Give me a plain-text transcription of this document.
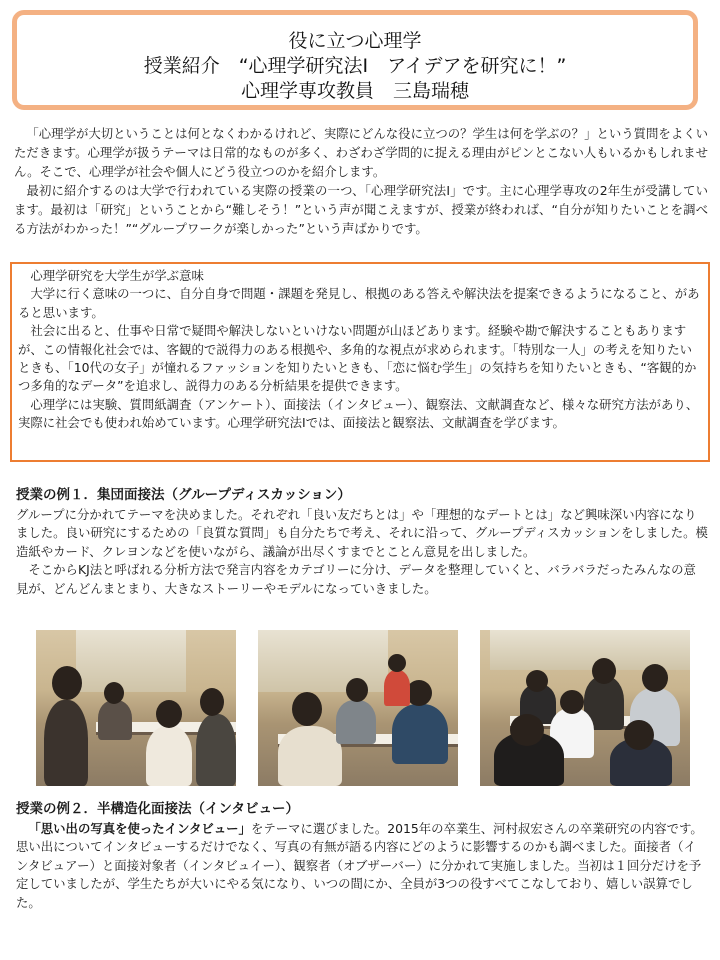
役に立つ心理学
授業紹介　“心理学研究法Ⅰ　アイデアを研究に！”
心理学専攻教員　三島瑞穂

「心理学が大切ということは何となくわかるけれど、実際にどんな役に立つの？学生は何を学ぶの？」という質問をよくいただきます。心理学が扱うテーマは日常的なものが多く、わざわざ学問的に捉える理由がピンとこない人もいるかもしれません。そこで、心理学が社会や個人にどう役立つのかを紹介します。

最初に紹介するのは大学で行われている実際の授業の一つ、「心理学研究法Ⅰ」です。主に心理学専攻の2年生が受講しています。最初は「研究」ということから“難しそう！”という声が聞こえますが、授業が終われば、“自分が知りたいことを調べる方法がわかった！”“グループワークが楽しかった”という声ばかりです。

心理学研究を大学生が学ぶ意味

大学に行く意味の一つに、自分自身で問題・課題を発見し、根拠のある答えや解決法を提案できるようになること、があると思います。

社会に出ると、仕事や日常で疑問や解決しないといけない問題が山ほどあります。経験や勘で解決することもありますが、この情報化社会では、客観的で説得力のある根拠や、多角的な視点が求められます。「特別な一人」の考えを知りたいときも、「10代の女子」が憧れるファッションを知りたいときも、「恋に悩む学生」の気持ちを知りたいときも、“客観的かつ多角的なデータ”を追求し、説得力のある分析結果を提供できます。

心理学には実験、質問紙調査（アンケート）、面接法（インタビュー）、観察法、文献調査など、様々な研究方法があり、実際に社会でも使われ始めています。心理学研究法Ⅰでは、面接法と観察法、文献調査を学びます。

授業の例１．集団面接法（グループディスカッション）

グループに分かれてテーマを決めました。それぞれ「良い友だちとは」や「理想的なデートとは」など興味深い内容になりました。良い研究にするための「良質な質問」も自分たちで考え、それに沿って、グループディスカッションをしました。模造紙やカード、クレヨンなどを使いながら、議論が出尽くすまでとことん意見を出しました。

そこからKJ法と呼ばれる分析方法で発言内容をカテゴリーに分け、データを整理していくと、バラバラだったみんなの意見が、どんどんまとまり、大きなストーリーやモデルになっていきました。

授業の例２．半構造化面接法（インタビュー）

「思い出の写真を使ったインタビュー」をテーマに選びました。2015年の卒業生、河村叔宏さんの卒業研究の内容です。思い出についてインタビューするだけでなく、写真の有無が語る内容にどのように影響するのかも調べました。面接者（インタビュアー）と面接対象者（インタビュイー）、観察者（オブザーバー）に分かれて実施しました。当初は１回分だけを予定していましたが、学生たちが大いにやる気になり、いつの間にか、全員が3つの役すべてこなしており、嬉しい誤算でした。
